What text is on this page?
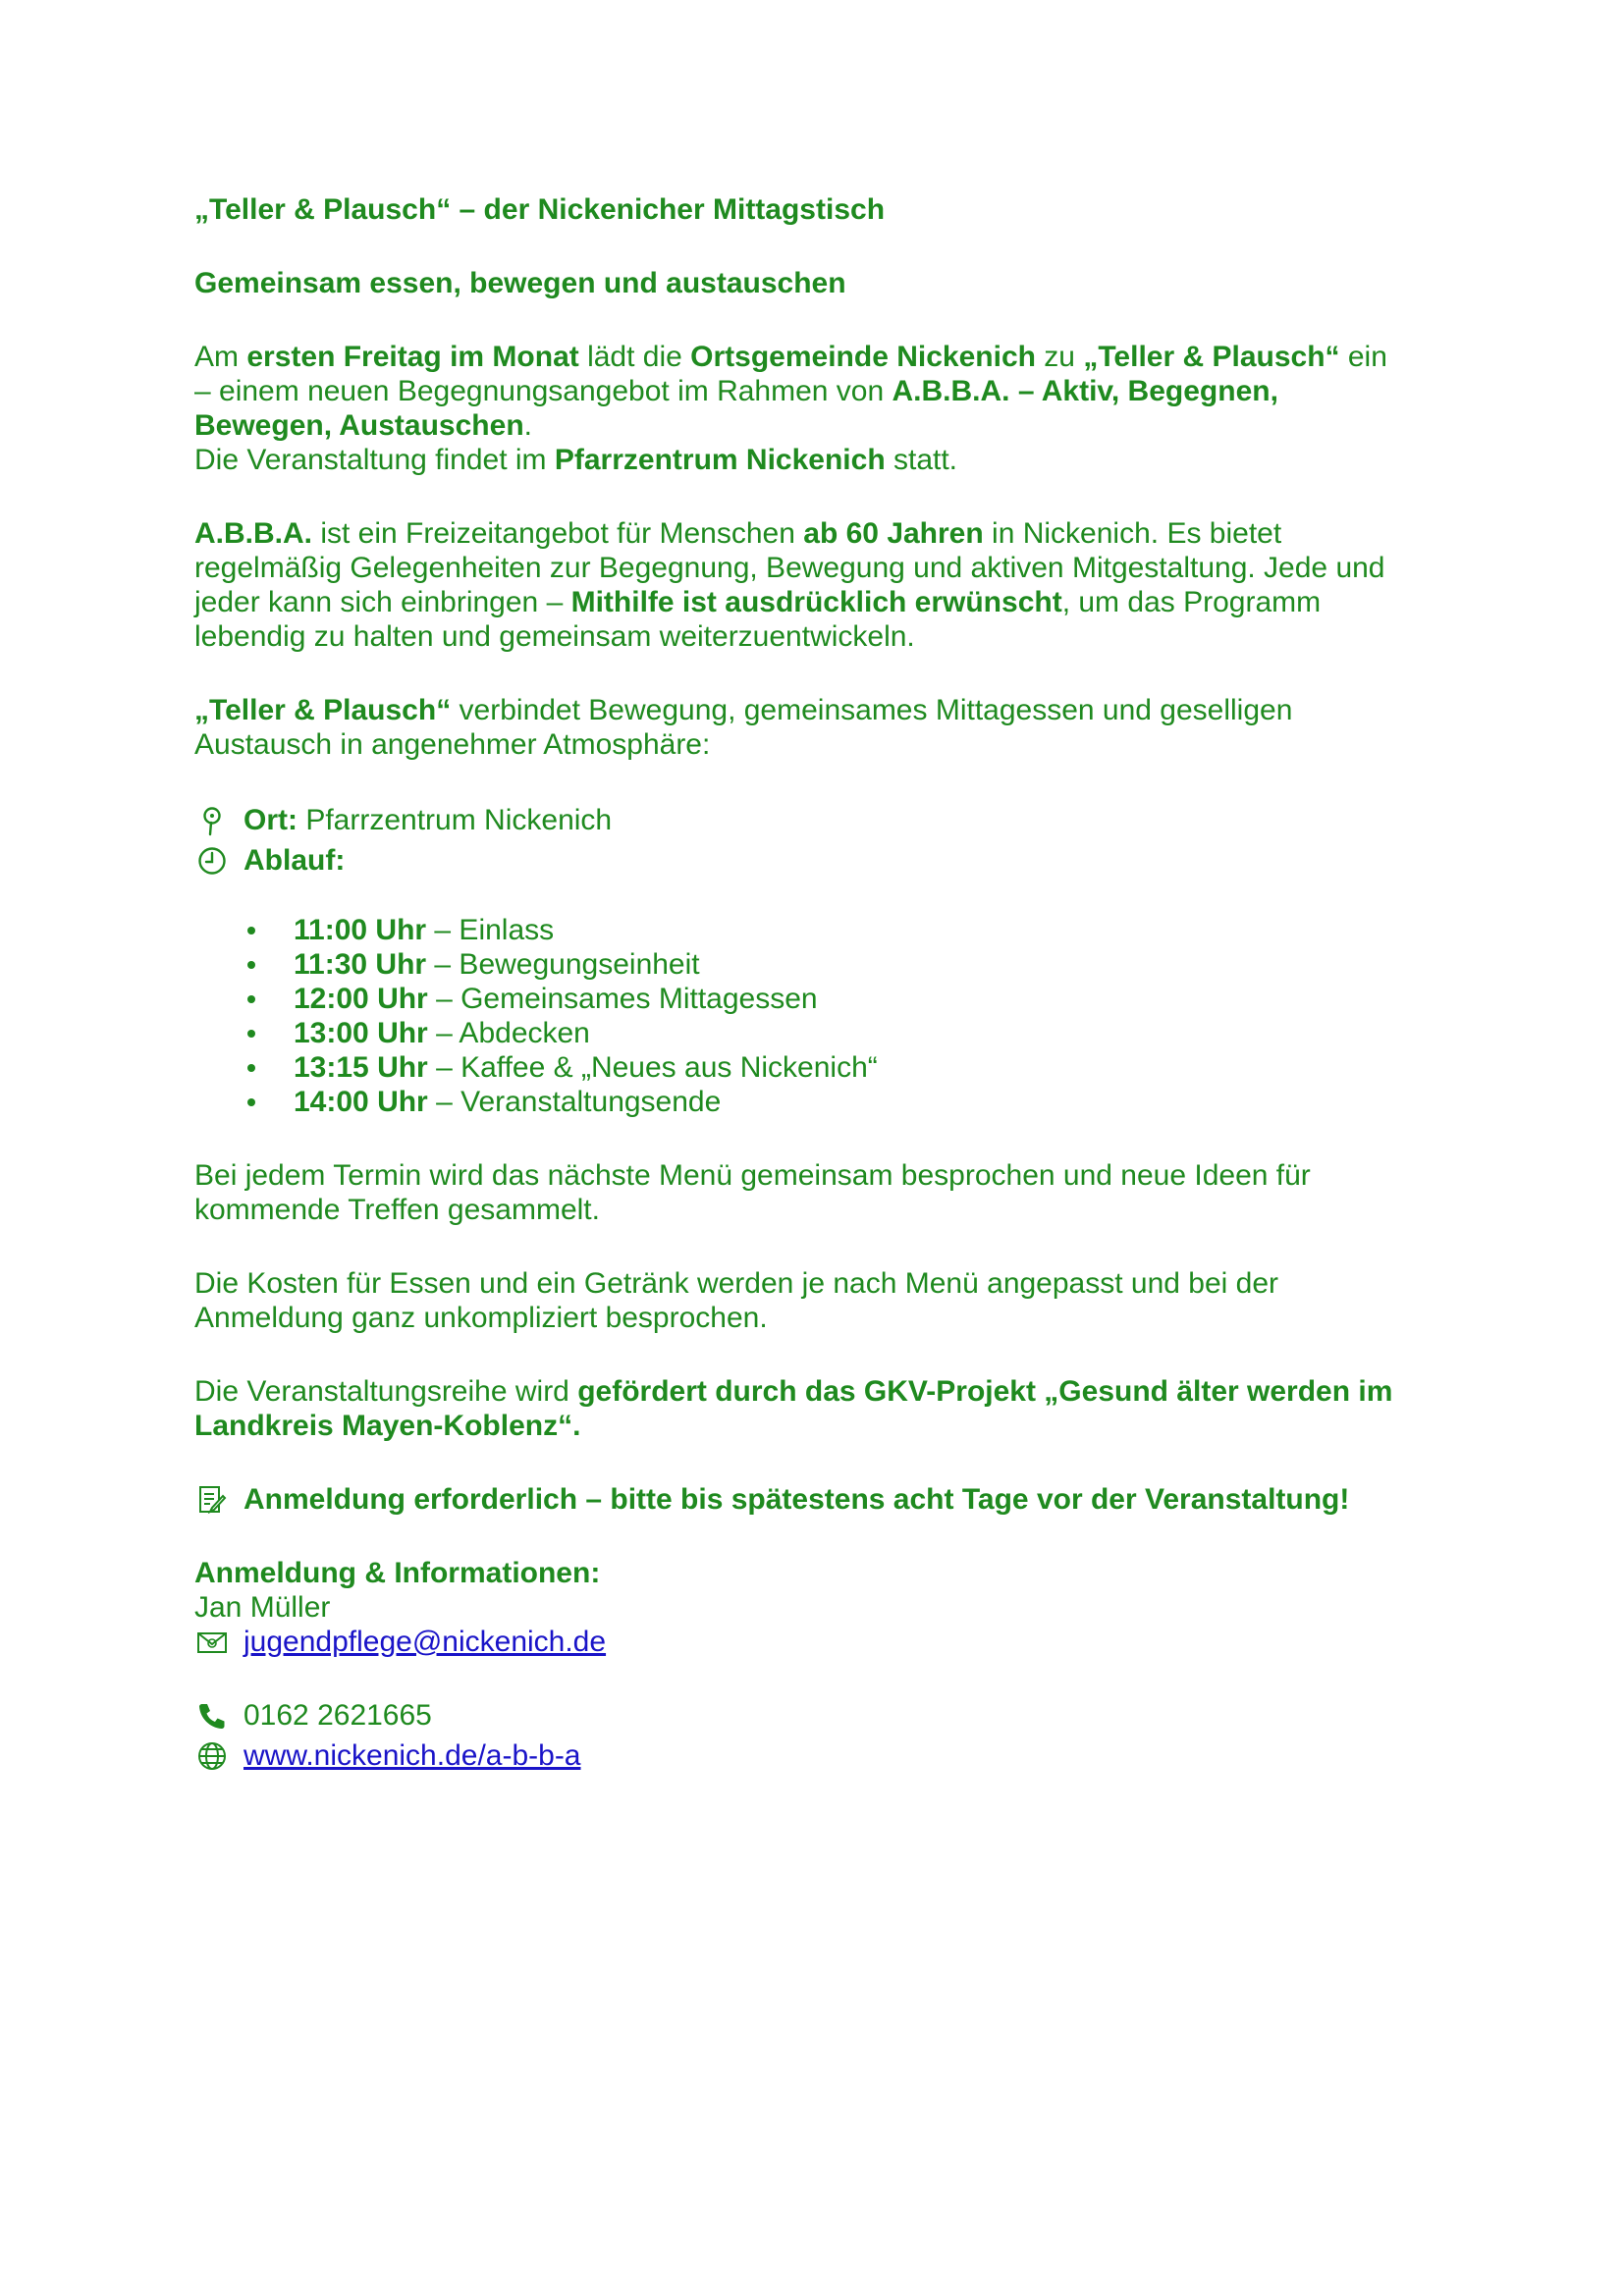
„Teller & Plausch“ – der Nickenicher Mittagstisch

Gemeinsam essen, bewegen und austauschen

Am ersten Freitag im Monat lädt die Ortsgemeinde Nickenich zu „Teller & Plausch“ ein

– einem neuen Begegnungsangebot im Rahmen von A.B.B.A. – Aktiv, Begegnen,

Bewegen, Austauschen.

Die Veranstaltung findet im Pfarrzentrum Nickenich statt.

A.B.B.A. ist ein Freizeitangebot für Menschen ab 60 Jahren in Nickenich. Es bietet

regelmäßig Gelegenheiten zur Begegnung, Bewegung und aktiven Mitgestaltung. Jede und

jeder kann sich einbringen – Mithilfe ist ausdrücklich erwünscht, um das Programm

lebendig zu halten und gemeinsam weiterzuentwickeln.

„Teller & Plausch“ verbindet Bewegung, gemeinsames Mittagessen und geselligen

Austausch in angenehmer Atmosphäre:

Ort: Pfarrzentrum Nickenich
Ablauf:
11:00 Uhr – Einlass
11:30 Uhr – Bewegungseinheit
12:00 Uhr – Gemeinsames Mittagessen
13:00 Uhr – Abdecken
13:15 Uhr – Kaffee & „Neues aus Nickenich“
14:00 Uhr – Veranstaltungsende

Bei jedem Termin wird das nächste Menü gemeinsam besprochen und neue Ideen für

kommende Treffen gesammelt.

Die Kosten für Essen und ein Getränk werden je nach Menü angepasst und bei der

Anmeldung ganz unkompliziert besprochen.

Die Veranstaltungsreihe wird gefördert durch das GKV-Projekt „Gesund älter werden im

Landkreis Mayen-Koblenz“.

Anmeldung erforderlich – bitte bis spätestens acht Tage vor der Veranstaltung!

Anmeldung & Informationen:

Jan Müller

jugendpflege@nickenich.de
0162 2621665
www.nickenich.de/a-b-b-a
